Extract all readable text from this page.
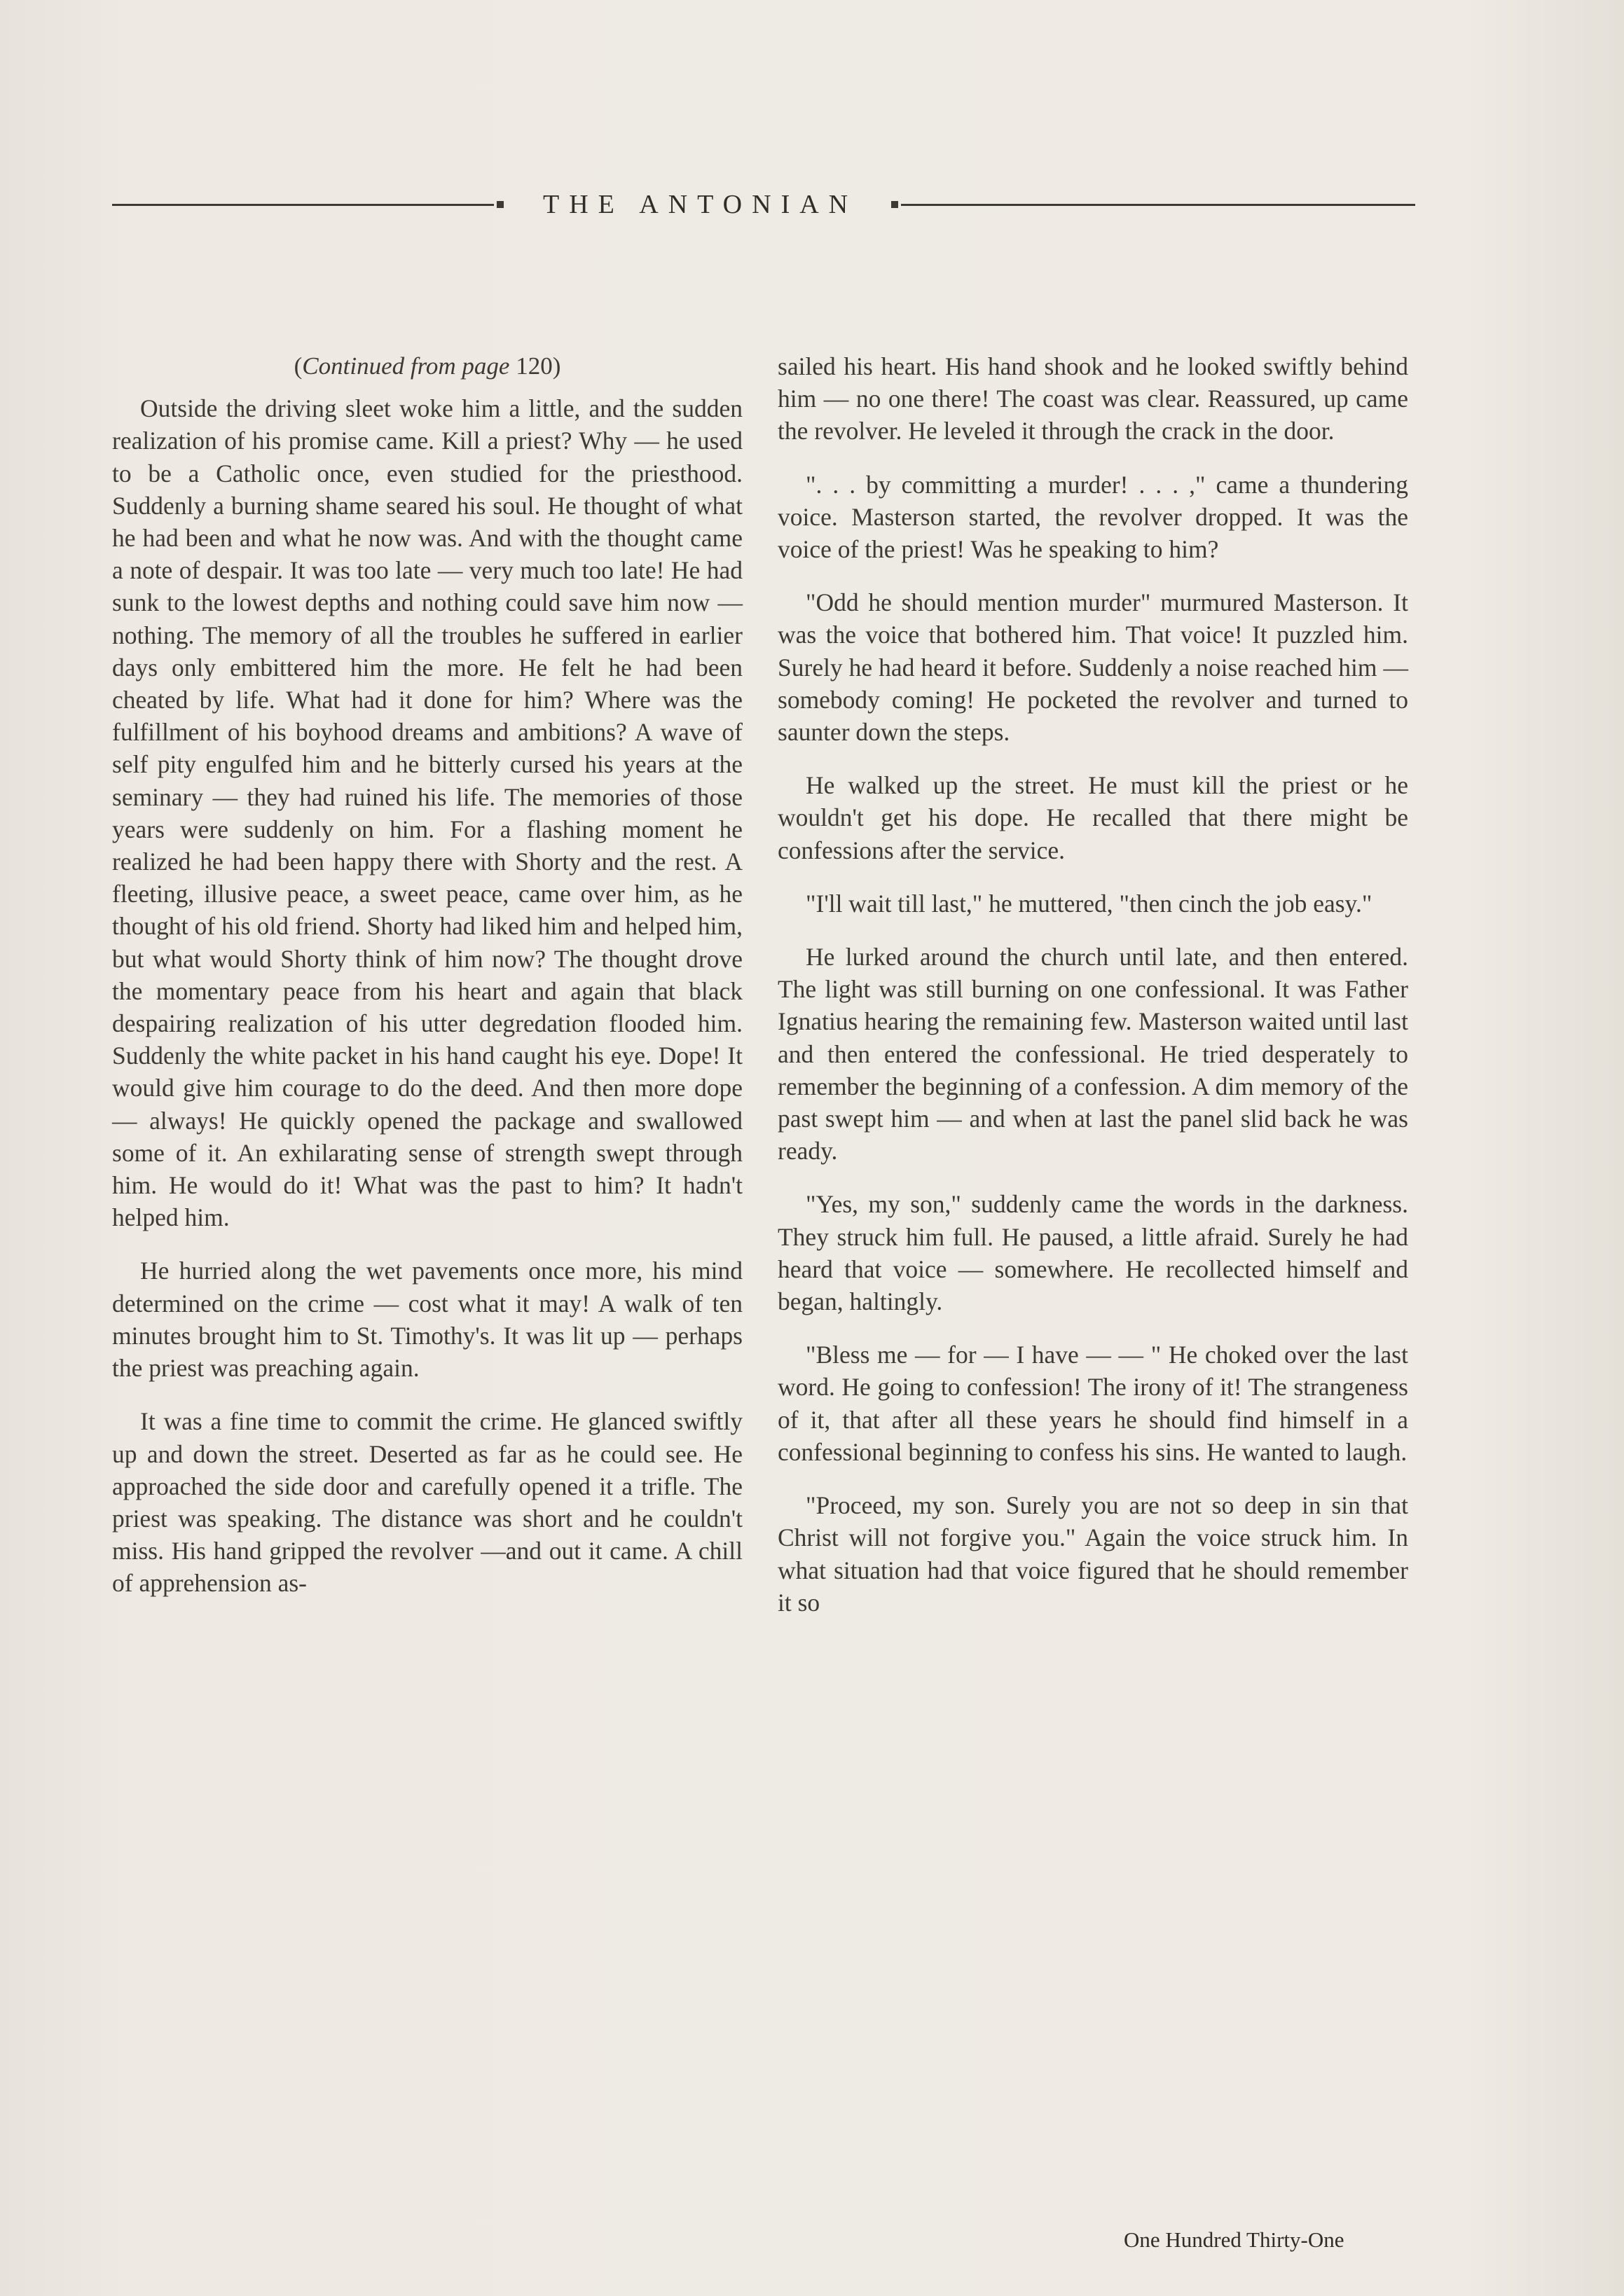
THE ANTONIAN
(Continued from page 120)

Outside the driving sleet woke him a little, and the sudden realization of his promise came. Kill a priest? Why — he used to be a Catholic once, even studied for the priesthood. Suddenly a burning shame seared his soul. He thought of what he had been and what he now was. And with the thought came a note of despair. It was too late — very much too late! He had sunk to the lowest depths and nothing could save him now — nothing. The memory of all the troubles he suffered in earlier days only embittered him the more. He felt he had been cheated by life. What had it done for him? Where was the fulfillment of his boyhood dreams and ambitions? A wave of self pity engulfed him and he bitterly cursed his years at the seminary — they had ruined his life. The memories of those years were suddenly on him. For a flashing moment he realized he had been happy there with Shorty and the rest. A fleeting, illusive peace, a sweet peace, came over him, as he thought of his old friend. Shorty had liked him and helped him, but what would Shorty think of him now? The thought drove the momentary peace from his heart and again that black despairing realization of his utter degredation flooded him. Suddenly the white packet in his hand caught his eye. Dope! It would give him courage to do the deed. And then more dope — always! He quickly opened the package and swallowed some of it. An exhilarating sense of strength swept through him. He would do it! What was the past to him? It hadn't helped him.

He hurried along the wet pavements once more, his mind determined on the crime — cost what it may! A walk of ten minutes brought him to St. Timothy's. It was lit up — perhaps the priest was preaching again.

It was a fine time to commit the crime. He glanced swiftly up and down the street. Deserted as far as he could see. He approached the side door and carefully opened it a trifle. The priest was speaking. The distance was short and he couldn't miss. His hand gripped the revolver —and out it came. A chill of apprehension as-

sailed his heart. His hand shook and he looked swiftly behind him — no one there! The coast was clear. Reassured, up came the revolver. He leveled it through the crack in the door.

". . . by committing a murder! . . . ," came a thundering voice. Masterson started, the revolver dropped. It was the voice of the priest! Was he speaking to him?

"Odd he should mention murder" murmured Masterson. It was the voice that bothered him. That voice! It puzzled him. Surely he had heard it before. Suddenly a noise reached him — somebody coming! He pocketed the revolver and turned to saunter down the steps.

He walked up the street. He must kill the priest or he wouldn't get his dope. He recalled that there might be confessions after the service.

"I'll wait till last," he muttered, "then cinch the job easy."

He lurked around the church until late, and then entered. The light was still burning on one confessional. It was Father Ignatius hearing the remaining few. Masterson waited until last and then entered the confessional. He tried desperately to remember the beginning of a confession. A dim memory of the past swept him — and when at last the panel slid back he was ready.

"Yes, my son," suddenly came the words in the darkness. They struck him full. He paused, a little afraid. Surely he had heard that voice — somewhere. He recollected himself and began, haltingly.

"Bless me — for — I have — — " He choked over the last word. He going to confession! The irony of it! The strangeness of it, that after all these years he should find himself in a confessional beginning to confess his sins. He wanted to laugh.

"Proceed, my son. Surely you are not so deep in sin that Christ will not forgive you." Again the voice struck him. In what situation had that voice figured that he should remember it so

One Hundred Thirty-One
